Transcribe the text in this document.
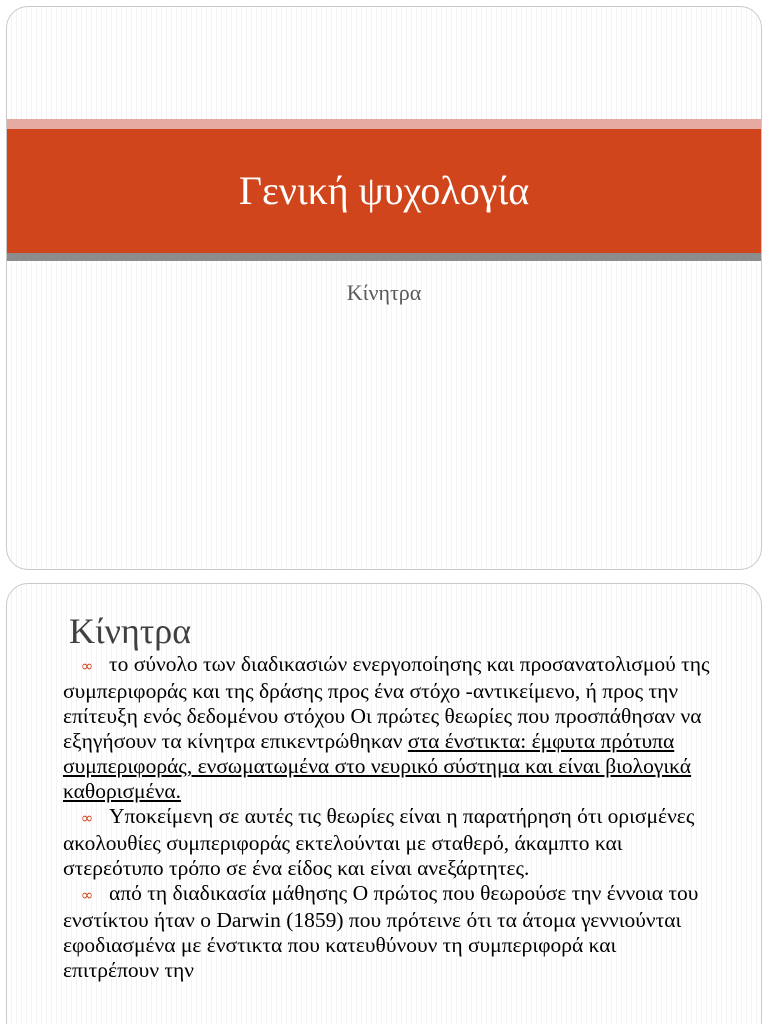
Γενική ψυχολογία
Κίνητρα
Κίνητρα

∞ το σύνολο των διαδικασιών ενεργοποίησης και προσανατολισμού της συμπεριφοράς και της δράσης προς ένα στόχο -αντικείμενο, ή προς την επίτευξη ενός δεδομένου στόχου Οι πρώτες θεωρίες που προσπάθησαν να εξηγήσουν τα κίνητρα επικεντρώθηκαν στα ένστικτα: έμφυτα πρότυπα συμπεριφοράς, ενσωματωμένα στο νευρικό σύστημα και είναι βιολογικά καθορισμένα.

∞ Υποκείμενη σε αυτές τις θεωρίες είναι η παρατήρηση ότι ορισμένες ακολουθίες συμπεριφοράς εκτελούνται με σταθερό, άκαμπτο και στερεότυπο τρόπο σε ένα είδος και είναι ανεξάρτητες.

∞ από τη διαδικασία μάθησης Ο πρώτος που θεωρούσε την έννοια του ενστίκτου ήταν ο Darwin (1859) που πρότεινε ότι τα άτομα γεννιούνται εφοδιασμένα με ένστικτα που κατευθύνουν τη συμπεριφορά και επιτρέπουν την
